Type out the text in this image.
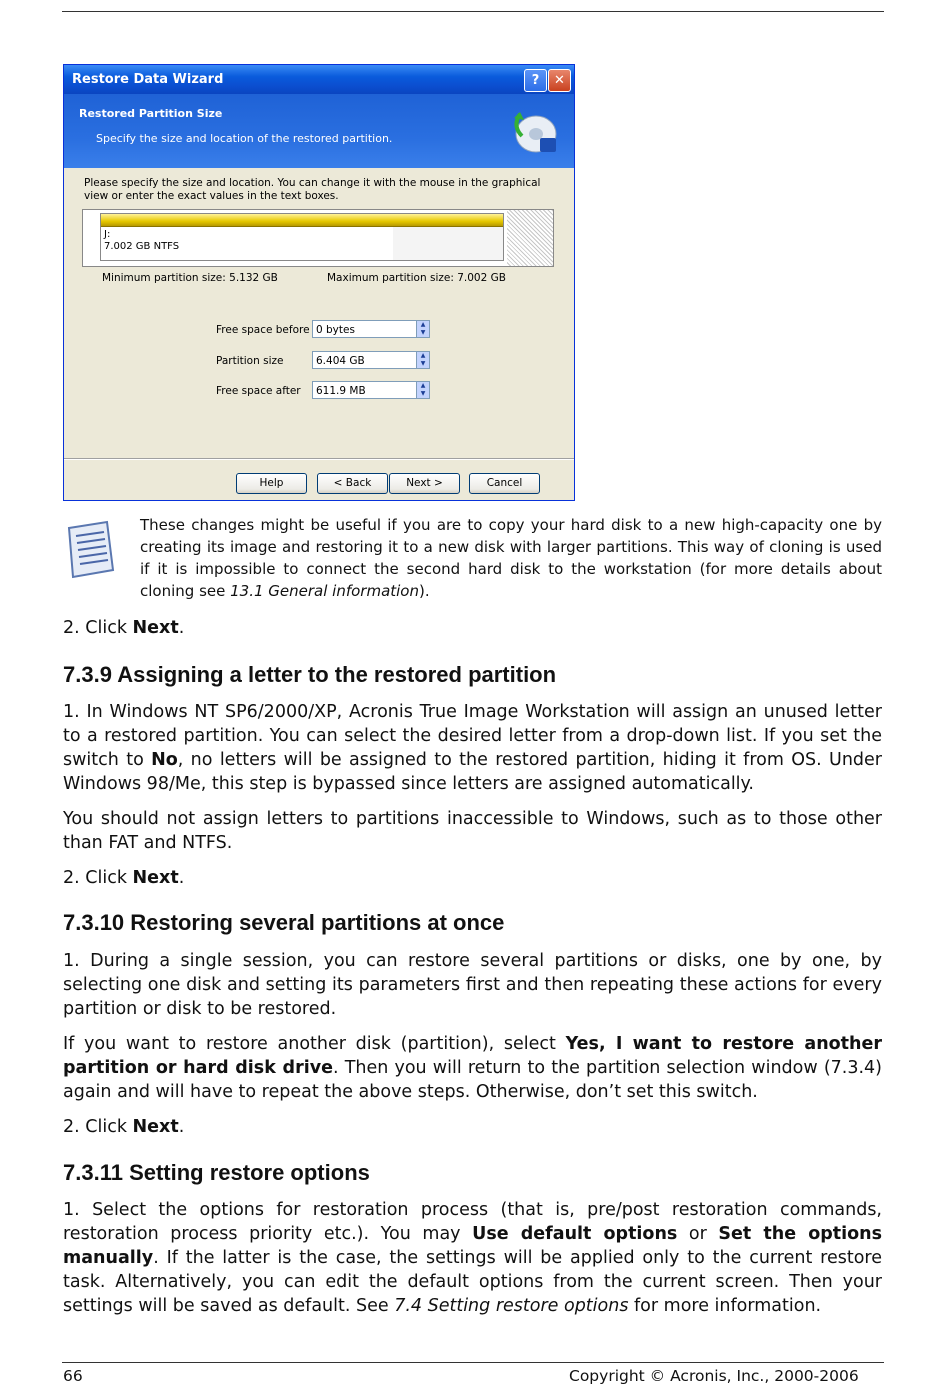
Restore Data Wizard	?	✕
Restored Partition Size
Specify the size and location of the restored partition.
Please specify the size and location. You can change it with the mouse in the graphical view or enter the exact values in the text boxes.
J:
7.002 GB NTFS
Minimum partition size: 5.132 GB	Maximum partition size: 7.002 GB
Free space before 0 bytes	▲
▼
Partition size	6.404 GB	▲
▼
Free space after	611.9 MB	▲
▼
Help	< Back	Next >	Cancel
These changes might be useful if you are to copy your hard disk to a new high-capacity one by creating its image and restoring it to a new disk with larger partitions. This way of cloning is used if it is impossible to connect the second hard disk to the workstation (for more details about cloning see 13.1 General information).
2. Click Next.
7.3.9 Assigning a letter to the restored partition
1. In Windows NT SP6/2000/XP, Acronis True Image Workstation will assign an unused letter to a restored partition. You can select the desired letter from a drop-down list. If you set the switch to No, no letters will be assigned to the restored partition, hiding it from OS. Under Windows 98/Me, this step is bypassed since letters are assigned automatically.
You should not assign letters to partitions inaccessible to Windows, such as to those other than FAT and NTFS.
2. Click Next.
7.3.10 Restoring several partitions at once
1. During a single session, you can restore several partitions or disks, one by one, by selecting one disk and setting its parameters first and then repeating these actions for every partition or disk to be restored.
If you want to restore another disk (partition), select Yes, I want to restore another partition or hard disk drive. Then you will return to the partition selection window (7.3.4) again and will have to repeat the above steps. Otherwise, don’t set this switch.
2. Click Next.
7.3.11 Setting restore options
1. Select the options for restoration process (that is, pre/post restoration commands, restoration process priority etc.). You may Use default options or Set the options manually. If the latter is the case, the settings will be applied only to the current restore task. Alternatively, you can edit the default options from the current screen. Then your settings will be saved as default. See 7.4 Setting restore options for more information.
66	Copyright © Acronis, Inc., 2000-2006
